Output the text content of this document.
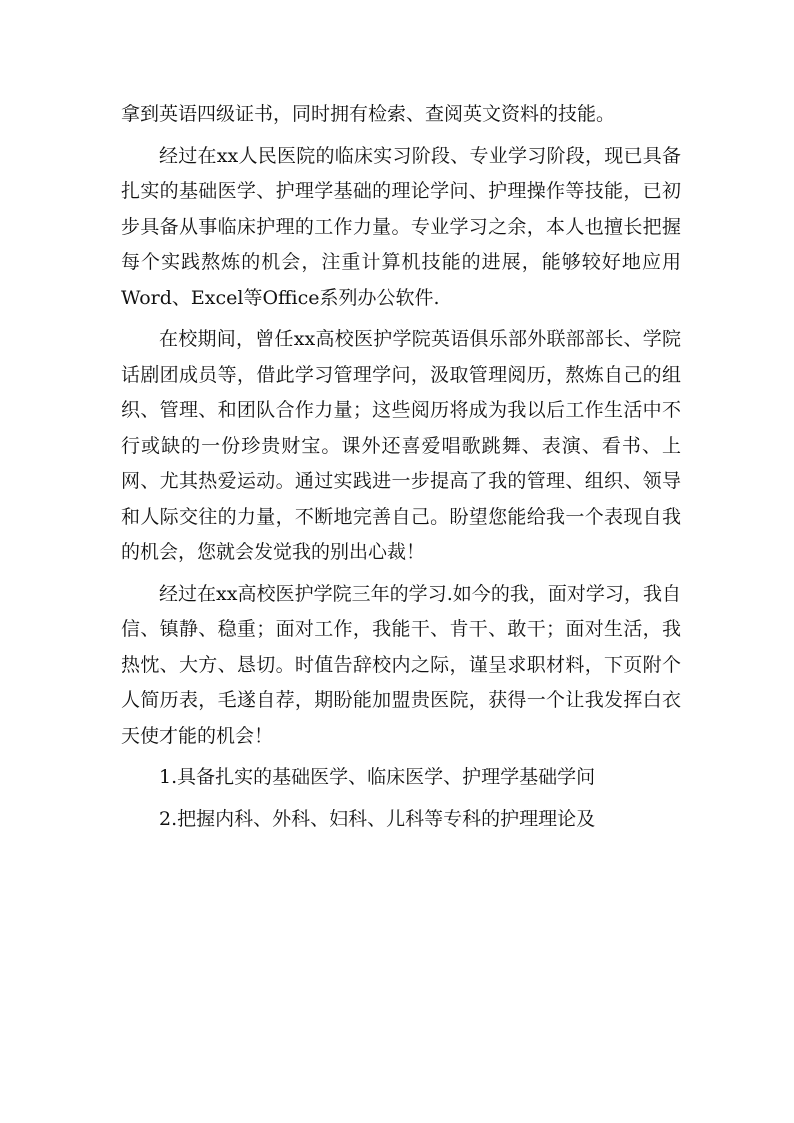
拿到英语四级证书，同时拥有检索、查阅英文资料的技能。

经过在xx人民医院的临床实习阶段、专业学习阶段，现已具备扎实的基础医学、护理学基础的理论学问、护理操作等技能，已初步具备从事临床护理的工作力量。专业学习之余，本人也擅长把握每个实践熬炼的机会，注重计算机技能的进展，能够较好地应用Word、Excel等Office系列办公软件.

在校期间，曾任xx高校医护学院英语俱乐部外联部部长、学院话剧团成员等，借此学习管理学问，汲取管理阅历，熬炼自己的组织、管理、和团队合作力量；这些阅历将成为我以后工作生活中不行或缺的一份珍贵财宝。课外还喜爱唱歌跳舞、表演、看书、上网、尤其热爱运动。通过实践进一步提高了我的管理、组织、领导和人际交往的力量，不断地完善自己。盼望您能给我一个表现自我的机会，您就会发觉我的别出心裁！

经过在xx高校医护学院三年的学习.如今的我，面对学习，我自信、镇静、稳重；面对工作，我能干、肯干、敢干；面对生活，我热忱、大方、恳切。时值告辞校内之际，谨呈求职材料，下页附个人简历表，毛遂自荐，期盼能加盟贵医院，获得一个让我发挥白衣天使才能的机会！

1.具备扎实的基础医学、临床医学、护理学基础学问

2.把握内科、外科、妇科、儿科等专科的护理理论及
